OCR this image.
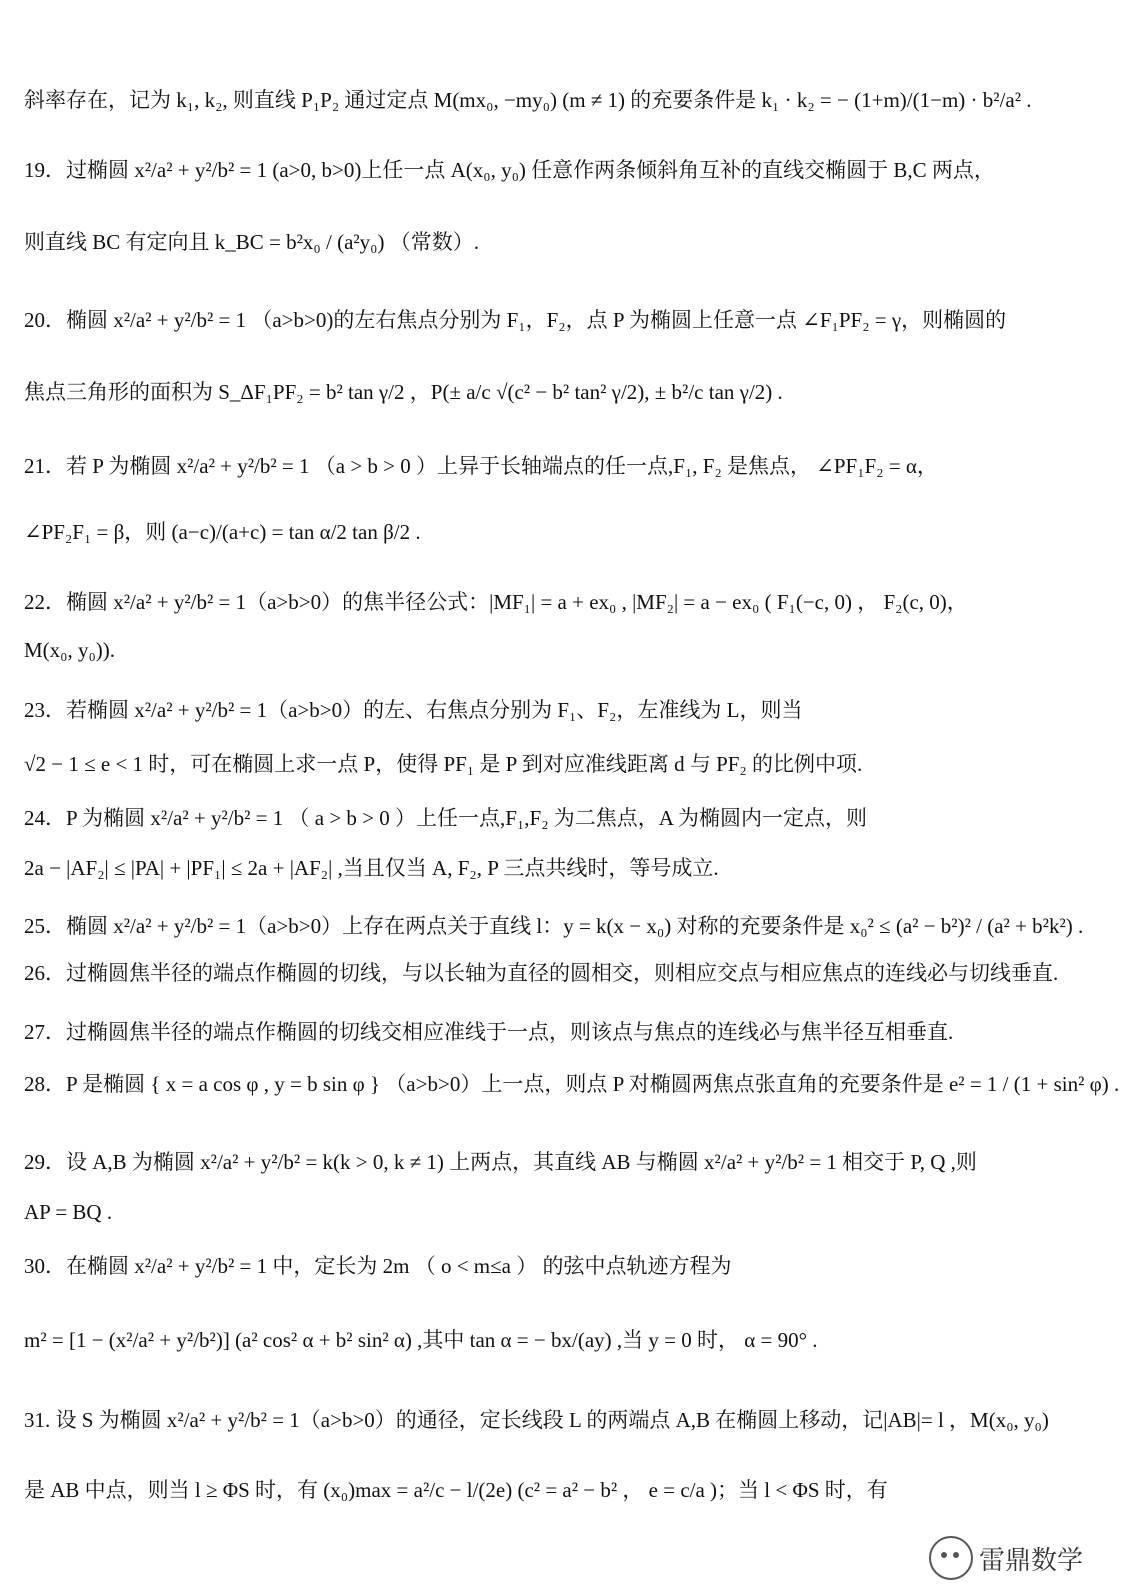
斜率存在，记为 k₁, k₂, 则直线 P₁P₂ 通过定点 M(mx₀, −my₀) (m ≠ 1) 的充要条件是 k₁ · k₂ = − (1+m)/(1−m) · b²/a² .
19．过椭圆 x²/a² + y²/b² = 1 (a>0, b>0)上任一点 A(x₀, y₀) 任意作两条倾斜角互补的直线交椭圆于 B,C 两点，
则直线 BC 有定向且 k_BC = b²x₀ / (a²y₀) （常数）.
20．椭圆 x²/a² + y²/b² = 1 （a>b>0)的左右焦点分别为 F₁，F₂，点 P 为椭圆上任意一点 ∠F₁PF₂ = γ，则椭圆的
焦点三角形的面积为 S_ΔF₁PF₂ = b² tan γ/2 ，P(± a/c √(c² − b² tan² γ/2), ± b²/c tan γ/2) .
21．若 P 为椭圆 x²/a² + y²/b² = 1 （a > b > 0 ）上异于长轴端点的任一点,F₁, F₂ 是焦点， ∠PF₁F₂ = α，
∠PF₂F₁ = β，则 (a−c)/(a+c) = tan α/2 tan β/2 .
22．椭圆 x²/a² + y²/b² = 1（a>b>0）的焦半径公式：|MF₁| = a + ex₀ , |MF₂| = a − ex₀ ( F₁(−c, 0) ， F₂(c, 0)，
M(x₀, y₀)).
23．若椭圆 x²/a² + y²/b² = 1（a>b>0）的左、右焦点分别为 F₁、F₂，左准线为 L，则当
√2 − 1 ≤ e < 1 时，可在椭圆上求一点 P，使得 PF₁ 是 P 到对应准线距离 d 与 PF₂ 的比例中项.
24．P 为椭圆 x²/a² + y²/b² = 1 （ a > b > 0 ）上任一点,F₁,F₂ 为二焦点，A 为椭圆内一定点，则
2a − |AF₂| ≤ |PA| + |PF₁| ≤ 2a + |AF₂| ,当且仅当 A, F₂, P 三点共线时，等号成立.
25．椭圆 x²/a² + y²/b² = 1（a>b>0）上存在两点关于直线 l：y = k(x − x₀) 对称的充要条件是 x₀² ≤ (a² − b²)² / (a² + b²k²) .
26．过椭圆焦半径的端点作椭圆的切线，与以长轴为直径的圆相交，则相应交点与相应焦点的连线必与切线垂直.
27．过椭圆焦半径的端点作椭圆的切线交相应准线于一点，则该点与焦点的连线必与焦半径互相垂直.
28．P 是椭圆 { x = a cos φ , y = b sin φ } （a>b>0）上一点，则点 P 对椭圆两焦点张直角的充要条件是 e² = 1 / (1 + sin² φ) .
29．设 A,B 为椭圆 x²/a² + y²/b² = k(k > 0, k ≠ 1) 上两点，其直线 AB 与椭圆 x²/a² + y²/b² = 1 相交于 P, Q ,则
AP = BQ .
30．在椭圆 x²/a² + y²/b² = 1 中，定长为 2m （ o < m≤a ） 的弦中点轨迹方程为
m² = [1 − (x²/a² + y²/b²)] (a² cos² α + b² sin² α) ,其中 tan α = − bx/(ay) ,当 y = 0 时， α = 90° .
31. 设 S 为椭圆 x²/a² + y²/b² = 1（a>b>0）的通径，定长线段 L 的两端点 A,B 在椭圆上移动，记|AB|= l ，M(x₀, y₀)
是 AB 中点，则当 l ≥ ΦS 时，有 (x₀)max = a²/c − l/(2e) (c² = a² − b² ， e = c/a )；当 l < ΦS 时，有
雷鼎数学
